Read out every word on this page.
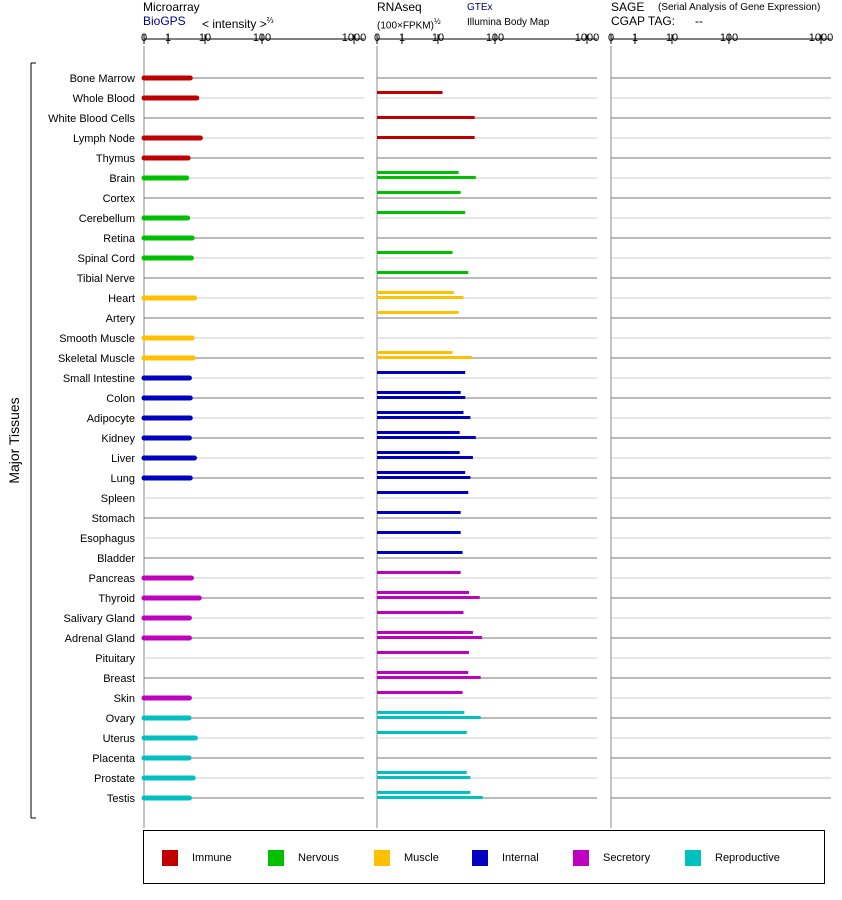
0 1	10	100	1000 0 1 10	100	1000 0 1	10	100	1000
Bone Marrow
Whole Blood
White Blood Cells
Lymph Node
Thymus
Brain
Cortex
Cerebellum
Retina
Spinal Cord
Tibial Nerve
Heart
Artery
Smooth Muscle
Skeletal Muscle
Small Intestine
Colon
Adipocyte
Kidney
Liver
Lung
Spleen
Stomach
Esophagus
Bladder
Pancreas
Thyroid
Salivary Gland
Adrenal Gland
Pituitary
Breast
Skin
Ovary
Uterus
Placenta
Prostate
Testis
Major Tissues
Microarray
BioGPS < intensity >$^{\frac{2}{3}}$
RNAseq
(100×FPKM)$^{\frac{1}{2}}$
GTEx
Illumina Body Map
SAGE (Serial Analysis of Gene Expression)
CGAP TAG: --
Immune	Nervous	Muscle	Internal	Secretory	Reproductive
